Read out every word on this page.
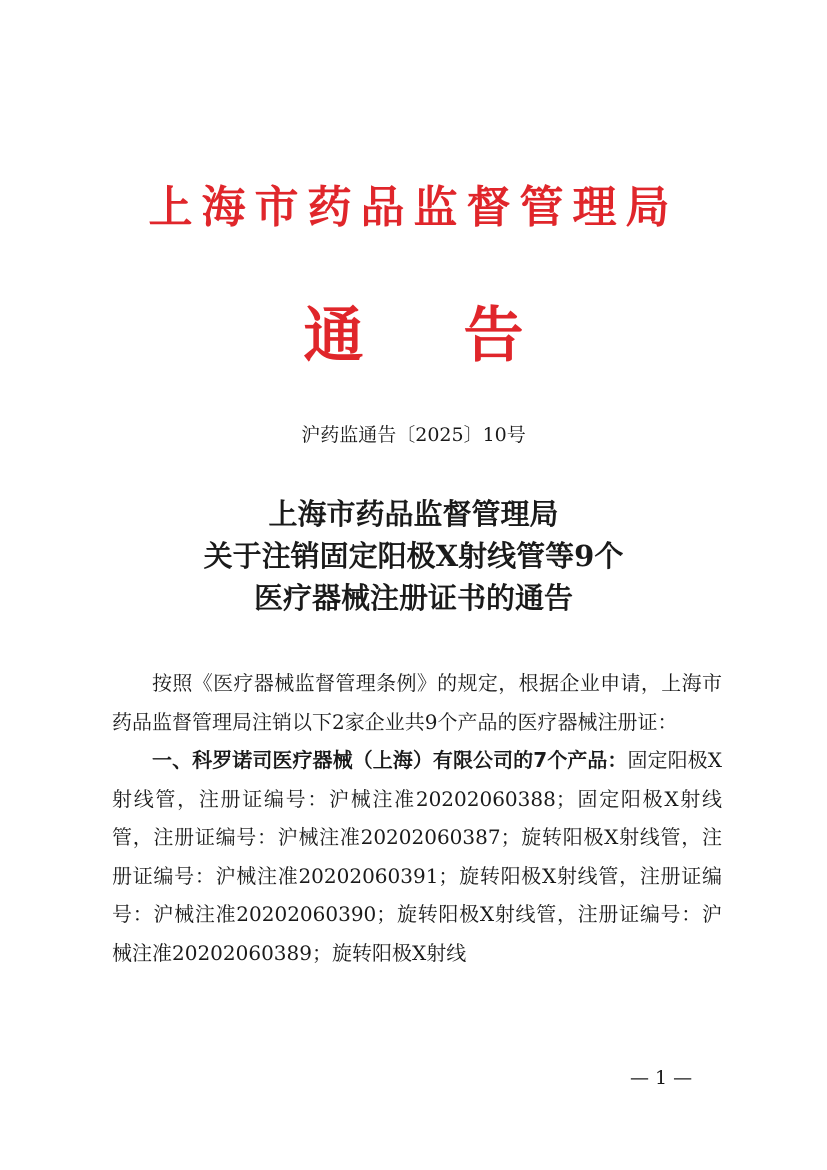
上海市药品监督管理局
通 告
沪药监通告〔2025〕10号
上海市药品监督管理局
关于注销固定阳极X射线管等9个
医疗器械注册证书的通告

按照《医疗器械监督管理条例》的规定，根据企业申请，上海市药品监督管理局注销以下2家企业共9个产品的医疗器械注册证：

一、科罗诺司医疗器械（上海）有限公司的7个产品：固定阳极X射线管，注册证编号：沪械注准20202060388；固定阳极X射线管，注册证编号：沪械注准20202060387；旋转阳极X射线管，注册证编号：沪械注准20202060391；旋转阳极X射线管，注册证编号：沪械注准20202060390；旋转阳极X射线管，注册证编号：沪械注准20202060389；旋转阳极X射线

— 1 —
